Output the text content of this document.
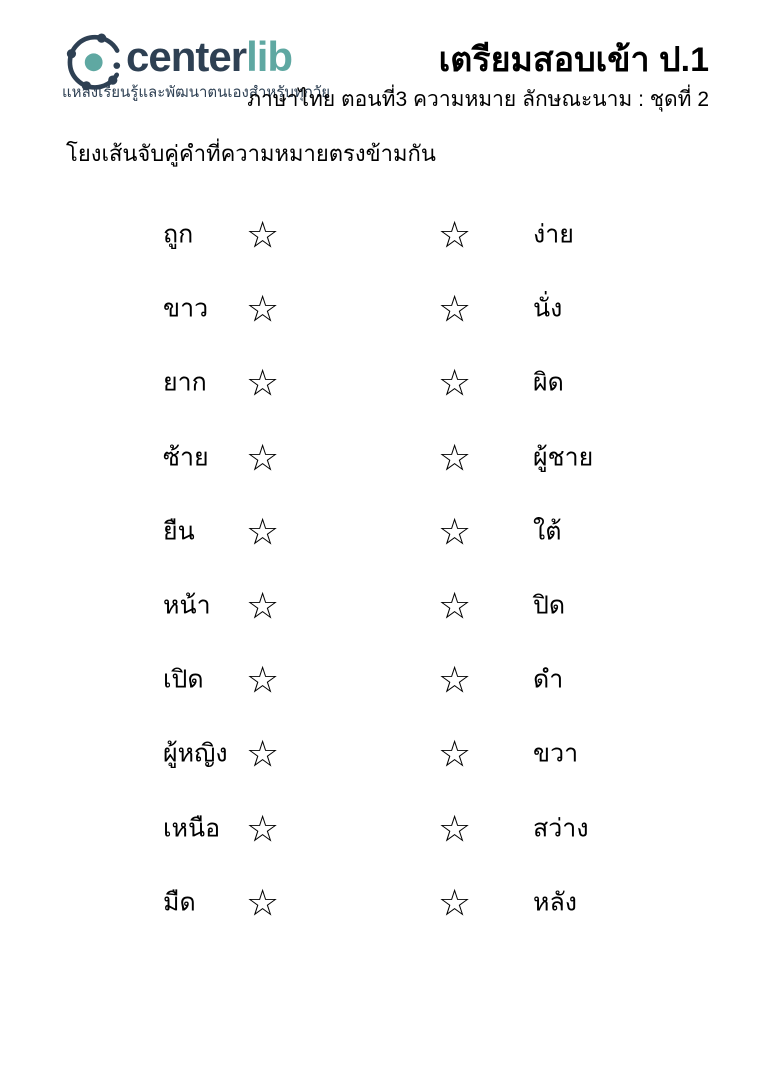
centerlib
แหล่งเรียนรู้และพัฒนาตนเองสำหรับทุกวัย
เตรียมสอบเข้า ป.1
ภาษาไทย ตอนที่3 ความหมาย ลักษณะนาม : ชุดที่ 2
โยงเส้นจับคู่คำที่ความหมายตรงข้ามกัน
ถูก ☆	☆ ง่าย
ขาว ☆	☆ นั่ง
ยาก ☆	☆ ผิด
ซ้าย ☆	☆ ผู้ชาย
ยืน ☆	☆ ใต้
หน้า ☆	☆ ปิด
เปิด ☆	☆ ดำ
ผู้หญิง ☆	☆ ขวา
เหนือ ☆	☆ สว่าง
มืด ☆	☆ หลัง
